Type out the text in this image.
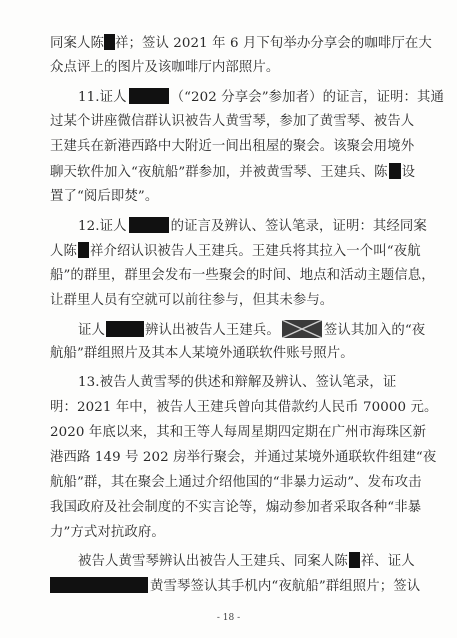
同案人陈 祥；签认 2021 年 6 月下旬举办分享会的咖啡厅在大
众点评上的图片及该咖啡厅内部照片。
11.证人	（“202 分享会”参加者）的证言，证明：其通
过某个讲座微信群认识被告人黄雪琴，参加了黄雪琴、被告人
王建兵在新港西路中大附近一间出租屋的聚会。该聚会用境外
聊天软件加入“夜航船”群参加，并被黄雪琴、王建兵、陈 设
置了“阅后即焚”。
12.证人	的证言及辨认、签认笔录，证明：其经同案
人陈 祥介绍认识被告人王建兵。王建兵将其拉入一个叫“夜航
船”的群里，群里会发布一些聚会的时间、地点和活动主题信息，
让群里人员有空就可以前往参与，但其未参与。
证人	辨认出被告人王建兵。	签认其加入的“夜
航船”群组照片及其本人某境外通联软件账号照片。
13.被告人黄雪琴的供述和辩解及辨认、签认笔录，证
明：2021 年中，被告人王建兵曾向其借款约人民币 70000 元。
2020 年底以来，其和王等人每周星期四定期在广州市海珠区新
港西路 149 号 202 房举行聚会，并通过某境外通联软件组建“夜
航船”群，其在聚会上通过介绍他国的“非暴力运动”、发布攻击
我国政府及社会制度的不实言论等，煽动参加者采取各种“非暴
力”方式对抗政府。
被告人黄雪琴辨认出被告人王建兵、同案人陈 祥、证人
黄雪琴签认其手机内“夜航船”群组照片；签认
- 18 -
